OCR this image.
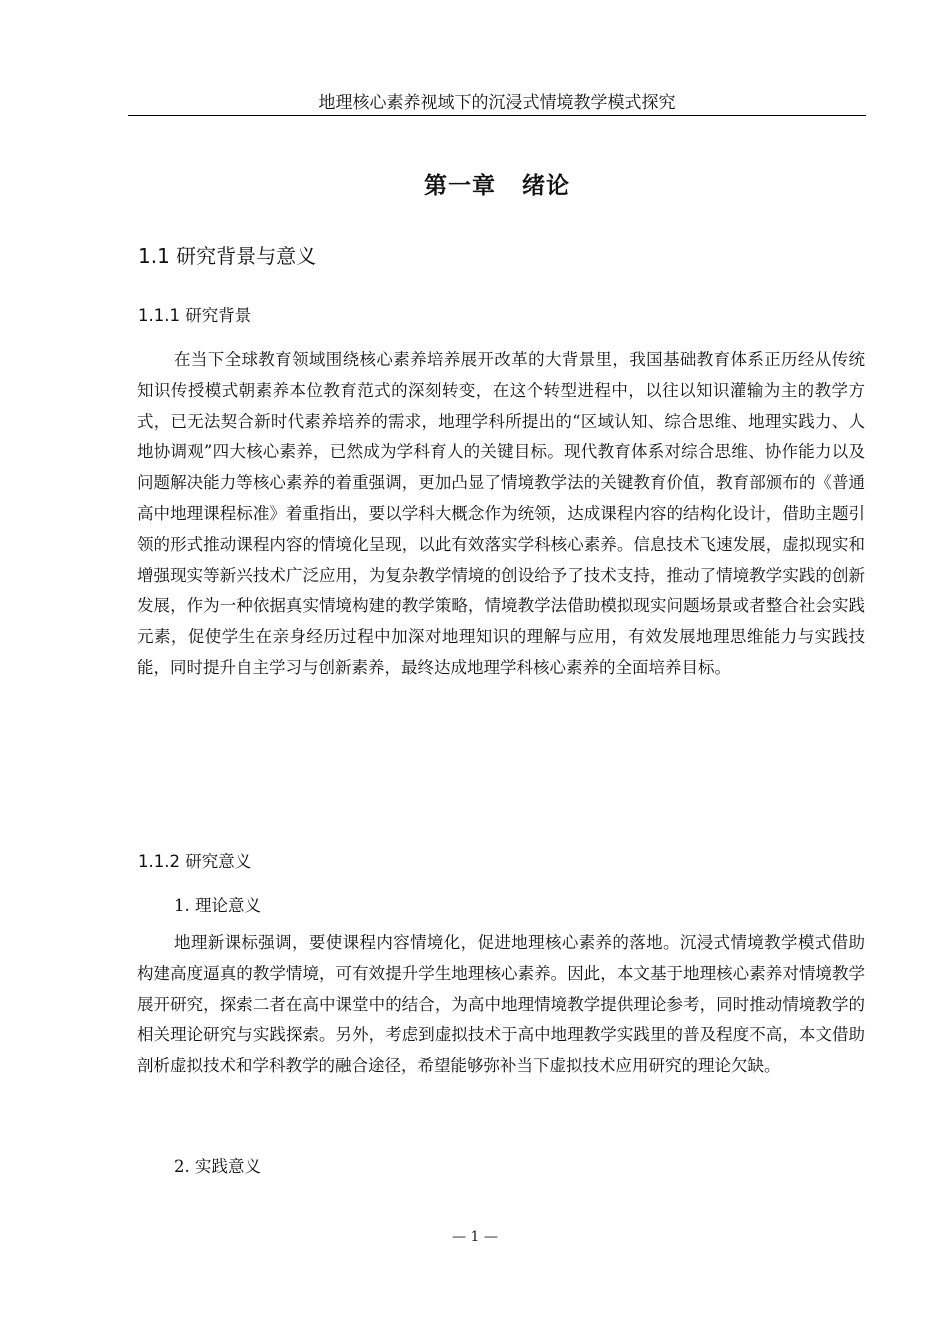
地理核心素养视域下的沉浸式情境教学模式探究
第一章 绪论
1.1 研究背景与意义
1.1.1 研究背景

在当下全球教育领域围绕核心素养培养展开改革的大背景里，我国基础教育体系正历经从传统知识传授模式朝素养本位教育范式的深刻转变，在这个转型进程中，以往以知识灌输为主的教学方式，已无法契合新时代素养培养的需求，地理学科所提出的“区域认知、综合思维、地理实践力、人地协调观”四大核心素养，已然成为学科育人的关键目标。现代教育体系对综合思维、协作能力以及问题解决能力等核心素养的着重强调，更加凸显了情境教学法的关键教育价值，教育部颁布的《普通高中地理课程标准》着重指出，要以学科大概念作为统领，达成课程内容的结构化设计，借助主题引领的形式推动课程内容的情境化呈现，以此有效落实学科核心素养。信息技术飞速发展，虚拟现实和增强现实等新兴技术广泛应用，为复杂教学情境的创设给予了技术支持，推动了情境教学实践的创新发展，作为一种依据真实情境构建的教学策略，情境教学法借助模拟现实问题场景或者整合社会实践元素，促使学生在亲身经历过程中加深对地理知识的理解与应用，有效发展地理思维能力与实践技能，同时提升自主学习与创新素养，最终达成地理学科核心素养的全面培养目标。

1.1.2 研究意义
1. 理论意义

地理新课标强调，要使课程内容情境化，促进地理核心素养的落地。沉浸式情境教学模式借助构建高度逼真的教学情境，可有效提升学生地理核心素养。因此，本文基于地理核心素养对情境教学展开研究，探索二者在高中课堂中的结合，为高中地理情境教学提供理论参考，同时推动情境教学的相关理论研究与实践探索。另外，考虑到虚拟技术于高中地理教学实践里的普及程度不高，本文借助剖析虚拟技术和学科教学的融合途径，希望能够弥补当下虚拟技术应用研究的理论欠缺。

2. 实践意义
— 1 —
